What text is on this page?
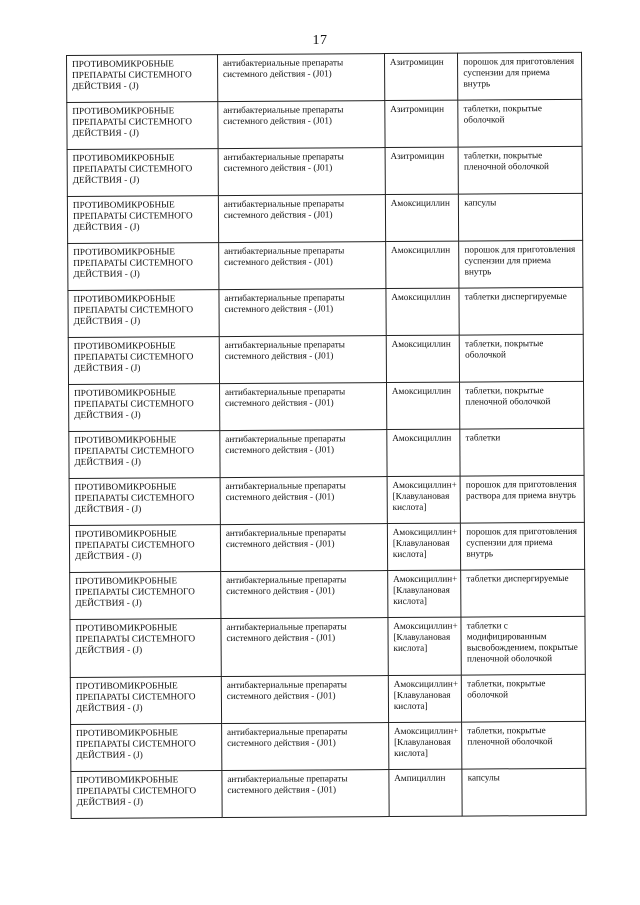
17
ПРОТИВОМИКРОБНЫЕ ПРЕПАРАТЫ СИСТЕМНОГО ДЕЙСТВИЯ - (J)	антибактериальные препараты системного действия - (J01)	Азитромицин	порошок для приготовления суспензии для приема внутрь
ПРОТИВОМИКРОБНЫЕ ПРЕПАРАТЫ СИСТЕМНОГО ДЕЙСТВИЯ - (J)	антибактериальные препараты системного действия - (J01)	Азитромицин	таблетки, покрытые оболочкой
ПРОТИВОМИКРОБНЫЕ ПРЕПАРАТЫ СИСТЕМНОГО ДЕЙСТВИЯ - (J)	антибактериальные препараты системного действия - (J01)	Азитромицин	таблетки, покрытые пленочной оболочкой
ПРОТИВОМИКРОБНЫЕ ПРЕПАРАТЫ СИСТЕМНОГО ДЕЙСТВИЯ - (J)	антибактериальные препараты системного действия - (J01)	Амоксициллин	капсулы
ПРОТИВОМИКРОБНЫЕ ПРЕПАРАТЫ СИСТЕМНОГО ДЕЙСТВИЯ - (J)	антибактериальные препараты системного действия - (J01)	Амоксициллин	порошок для приготовления суспензии для приема внутрь
ПРОТИВОМИКРОБНЫЕ ПРЕПАРАТЫ СИСТЕМНОГО ДЕЙСТВИЯ - (J)	антибактериальные препараты системного действия - (J01)	Амоксициллин	таблетки диспергируемые
ПРОТИВОМИКРОБНЫЕ ПРЕПАРАТЫ СИСТЕМНОГО ДЕЙСТВИЯ - (J)	антибактериальные препараты системного действия - (J01)	Амоксициллин	таблетки, покрытые оболочкой
ПРОТИВОМИКРОБНЫЕ ПРЕПАРАТЫ СИСТЕМНОГО ДЕЙСТВИЯ - (J)	антибактериальные препараты системного действия - (J01)	Амоксициллин	таблетки, покрытые пленочной оболочкой
ПРОТИВОМИКРОБНЫЕ ПРЕПАРАТЫ СИСТЕМНОГО ДЕЙСТВИЯ - (J)	антибактериальные препараты системного действия - (J01)	Амоксициллин	таблетки
ПРОТИВОМИКРОБНЫЕ ПРЕПАРАТЫ СИСТЕМНОГО ДЕЙСТВИЯ - (J)	антибактериальные препараты системного действия - (J01)	Амоксициллин+ [Клавулановая кислота]	порошок для приготовления раствора для приема внутрь
ПРОТИВОМИКРОБНЫЕ ПРЕПАРАТЫ СИСТЕМНОГО ДЕЙСТВИЯ - (J)	антибактериальные препараты системного действия - (J01)	Амоксициллин+ [Клавулановая кислота]	порошок для приготовления суспензии для приема внутрь
ПРОТИВОМИКРОБНЫЕ ПРЕПАРАТЫ СИСТЕМНОГО ДЕЙСТВИЯ - (J)	антибактериальные препараты системного действия - (J01)	Амоксициллин+ [Клавулановая кислота]	таблетки диспергируемые
ПРОТИВОМИКРОБНЫЕ ПРЕПАРАТЫ СИСТЕМНОГО ДЕЙСТВИЯ - (J)	антибактериальные препараты системного действия - (J01)	Амоксициллин+ [Клавулановая кислота]	таблетки с модифицированным высвобождением, покрытые пленочной оболочкой
ПРОТИВОМИКРОБНЫЕ ПРЕПАРАТЫ СИСТЕМНОГО ДЕЙСТВИЯ - (J)	антибактериальные препараты системного действия - (J01)	Амоксициллин+ [Клавулановая кислота]	таблетки, покрытые оболочкой
ПРОТИВОМИКРОБНЫЕ ПРЕПАРАТЫ СИСТЕМНОГО ДЕЙСТВИЯ - (J)	антибактериальные препараты системного действия - (J01)	Амоксициллин+ [Клавулановая кислота]	таблетки, покрытые пленочной оболочкой
ПРОТИВОМИКРОБНЫЕ ПРЕПАРАТЫ СИСТЕМНОГО ДЕЙСТВИЯ - (J)	антибактериальные препараты системного действия - (J01)	Ампициллин	капсулы
